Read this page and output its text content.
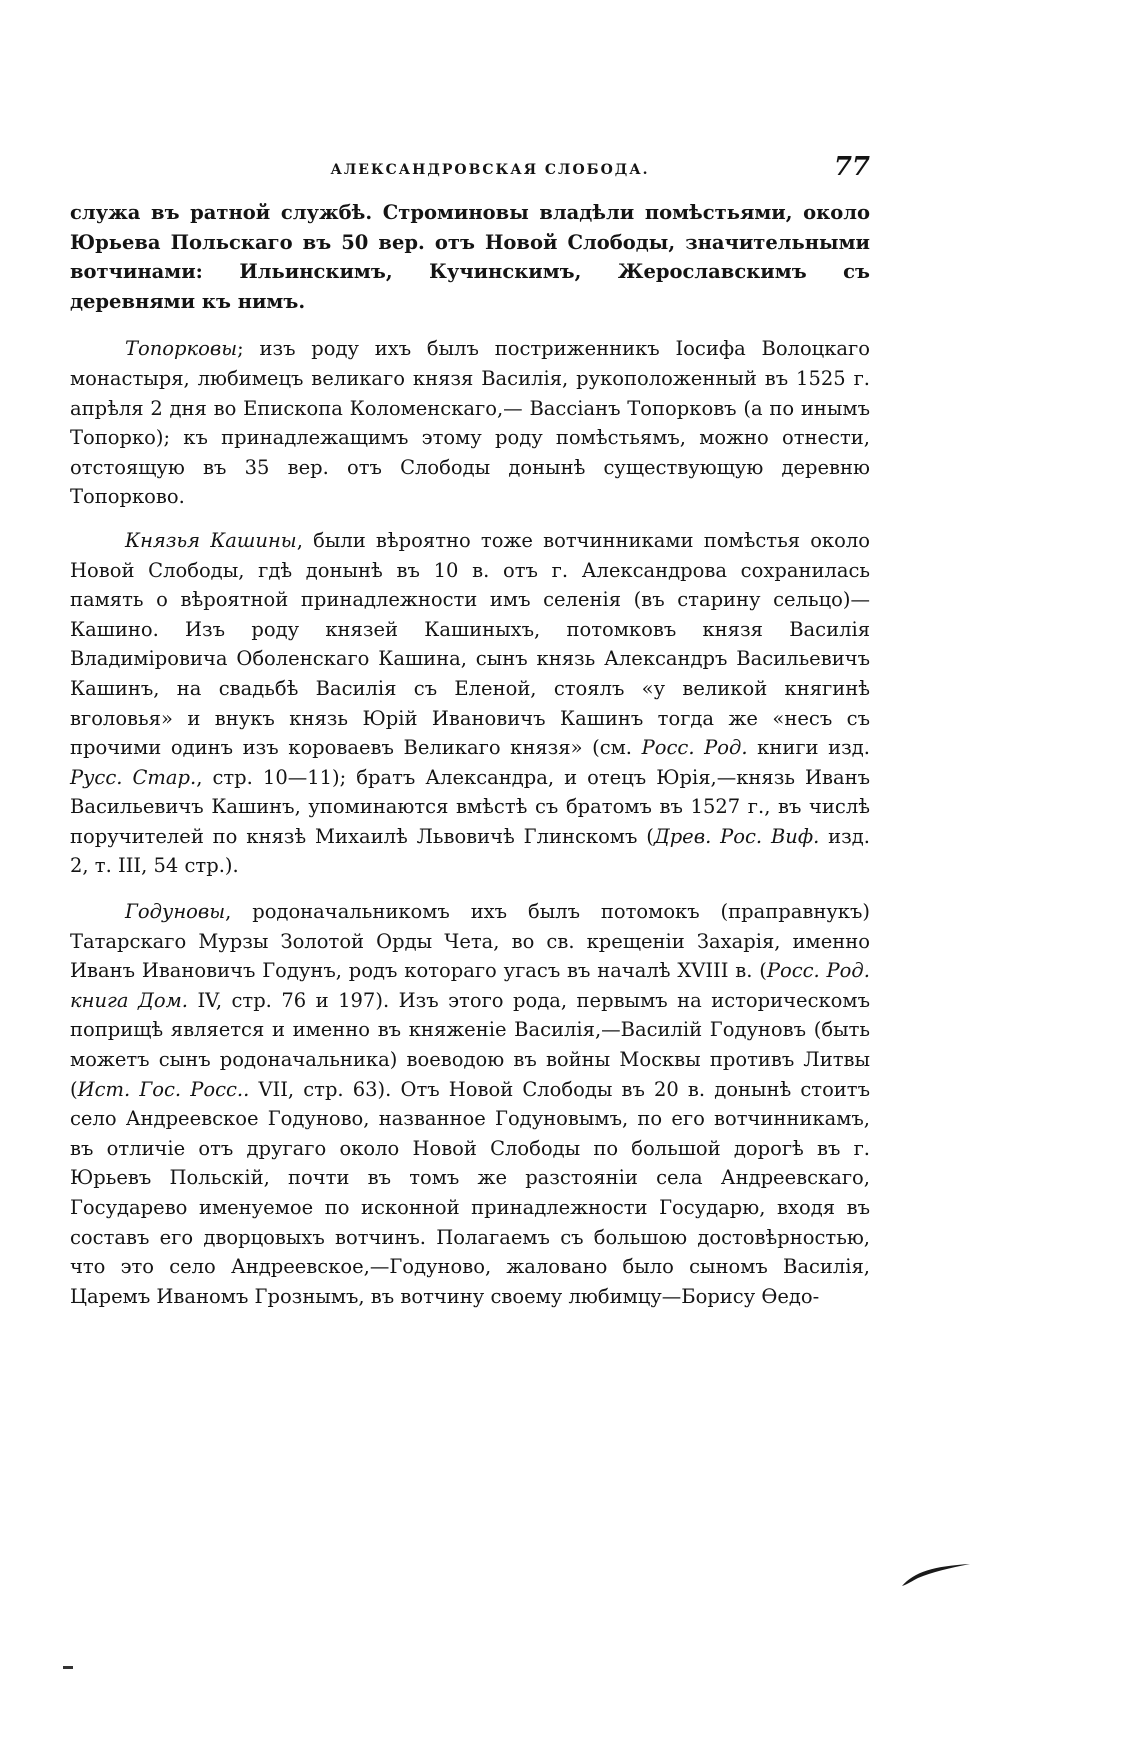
АЛЕКСАНДРОВСКАЯ СЛОБОДА.	77

служа въ ратной службѣ. Строминовы владѣли помѣстьями, около Юрьева Польскаго въ 50 вер. отъ Новой Слободы, значительными вотчинами: Ильинскимъ, Кучинскимъ, Жерославскимъ съ деревнями къ нимъ.

Топорковы; изъ роду ихъ былъ постриженникъ Іосифа Волоцкаго монастыря, любимецъ великаго князя Василія, рукоположенный въ 1525 г. апрѣля 2 дня во Епископа Коломенскаго,— Вассіанъ Топорковъ (а по инымъ Топорко); къ принадлежащимъ этому роду помѣстьямъ, можно отнести, отстоящую въ 35 вер. отъ Слободы донынѣ существующую деревню Топорково.

Князья Кашины, были вѣроятно тоже вотчинниками помѣстья около Новой Слободы, гдѣ донынѣ въ 10 в. отъ г. Александрова сохранилась память о вѣроятной принадлежности имъ селенія (въ старину сельцо)—Кашино. Изъ роду князей Кашиныхъ, потомковъ князя Василія Владиміровича Оболенскаго Кашина, сынъ князь Александръ Васильевичъ Кашинъ, на свадьбѣ Василія съ Еленой, стоялъ «у великой княгинѣ вголовья» и внукъ князь Юрій Ивановичъ Кашинъ тогда же «несъ съ прочими одинъ изъ короваевъ Великаго князя» (см. Росс. Род. книги изд. Русс. Стар., стр. 10—11); братъ Александра, и отецъ Юрія,—князь Иванъ Васильевичъ Кашинъ, упоминаются вмѣстѣ съ братомъ въ 1527 г., въ числѣ поручителей по князѣ Михаилѣ Львовичѣ Глинскомъ (Древ. Рос. Виф. изд. 2, т. III, 54 стр.).

Годуновы, родоначальникомъ ихъ былъ потомокъ (праправнукъ) Татарскаго Мурзы Золотой Орды Чета, во св. крещеніи Захарія, именно Иванъ Ивановичъ Годунъ, родъ котораго угасъ въ началѣ XVIII в. (Росс. Род. книга Дом. IV, стр. 76 и 197). Изъ этого рода, первымъ на историческомъ поприщѣ является и именно въ княженіе Василія,—Василій Годуновъ (быть можетъ сынъ родоначальника) воеводою въ войны Москвы противъ Литвы (Ист. Гос. Росс.. VII, стр. 63). Отъ Новой Слободы въ 20 в. донынѣ стоитъ село Андреевское Годуново, названное Годуновымъ, по его вотчинникамъ, въ отличіе отъ другаго около Новой Слободы по большой дорогѣ въ г. Юрьевъ Польскій, почти въ томъ же разстояніи села Андреевскаго, Государево именуемое по исконной принадлежности Государю, входя въ составъ его дворцовыхъ вотчинъ. Полагаемъ съ большою достовѣрностью, что это село Андреевское,—Годуново, жаловано было сыномъ Василія, Царемъ Иваномъ Грознымъ, въ вотчину своему любимцу—Борису Ѳедо-
